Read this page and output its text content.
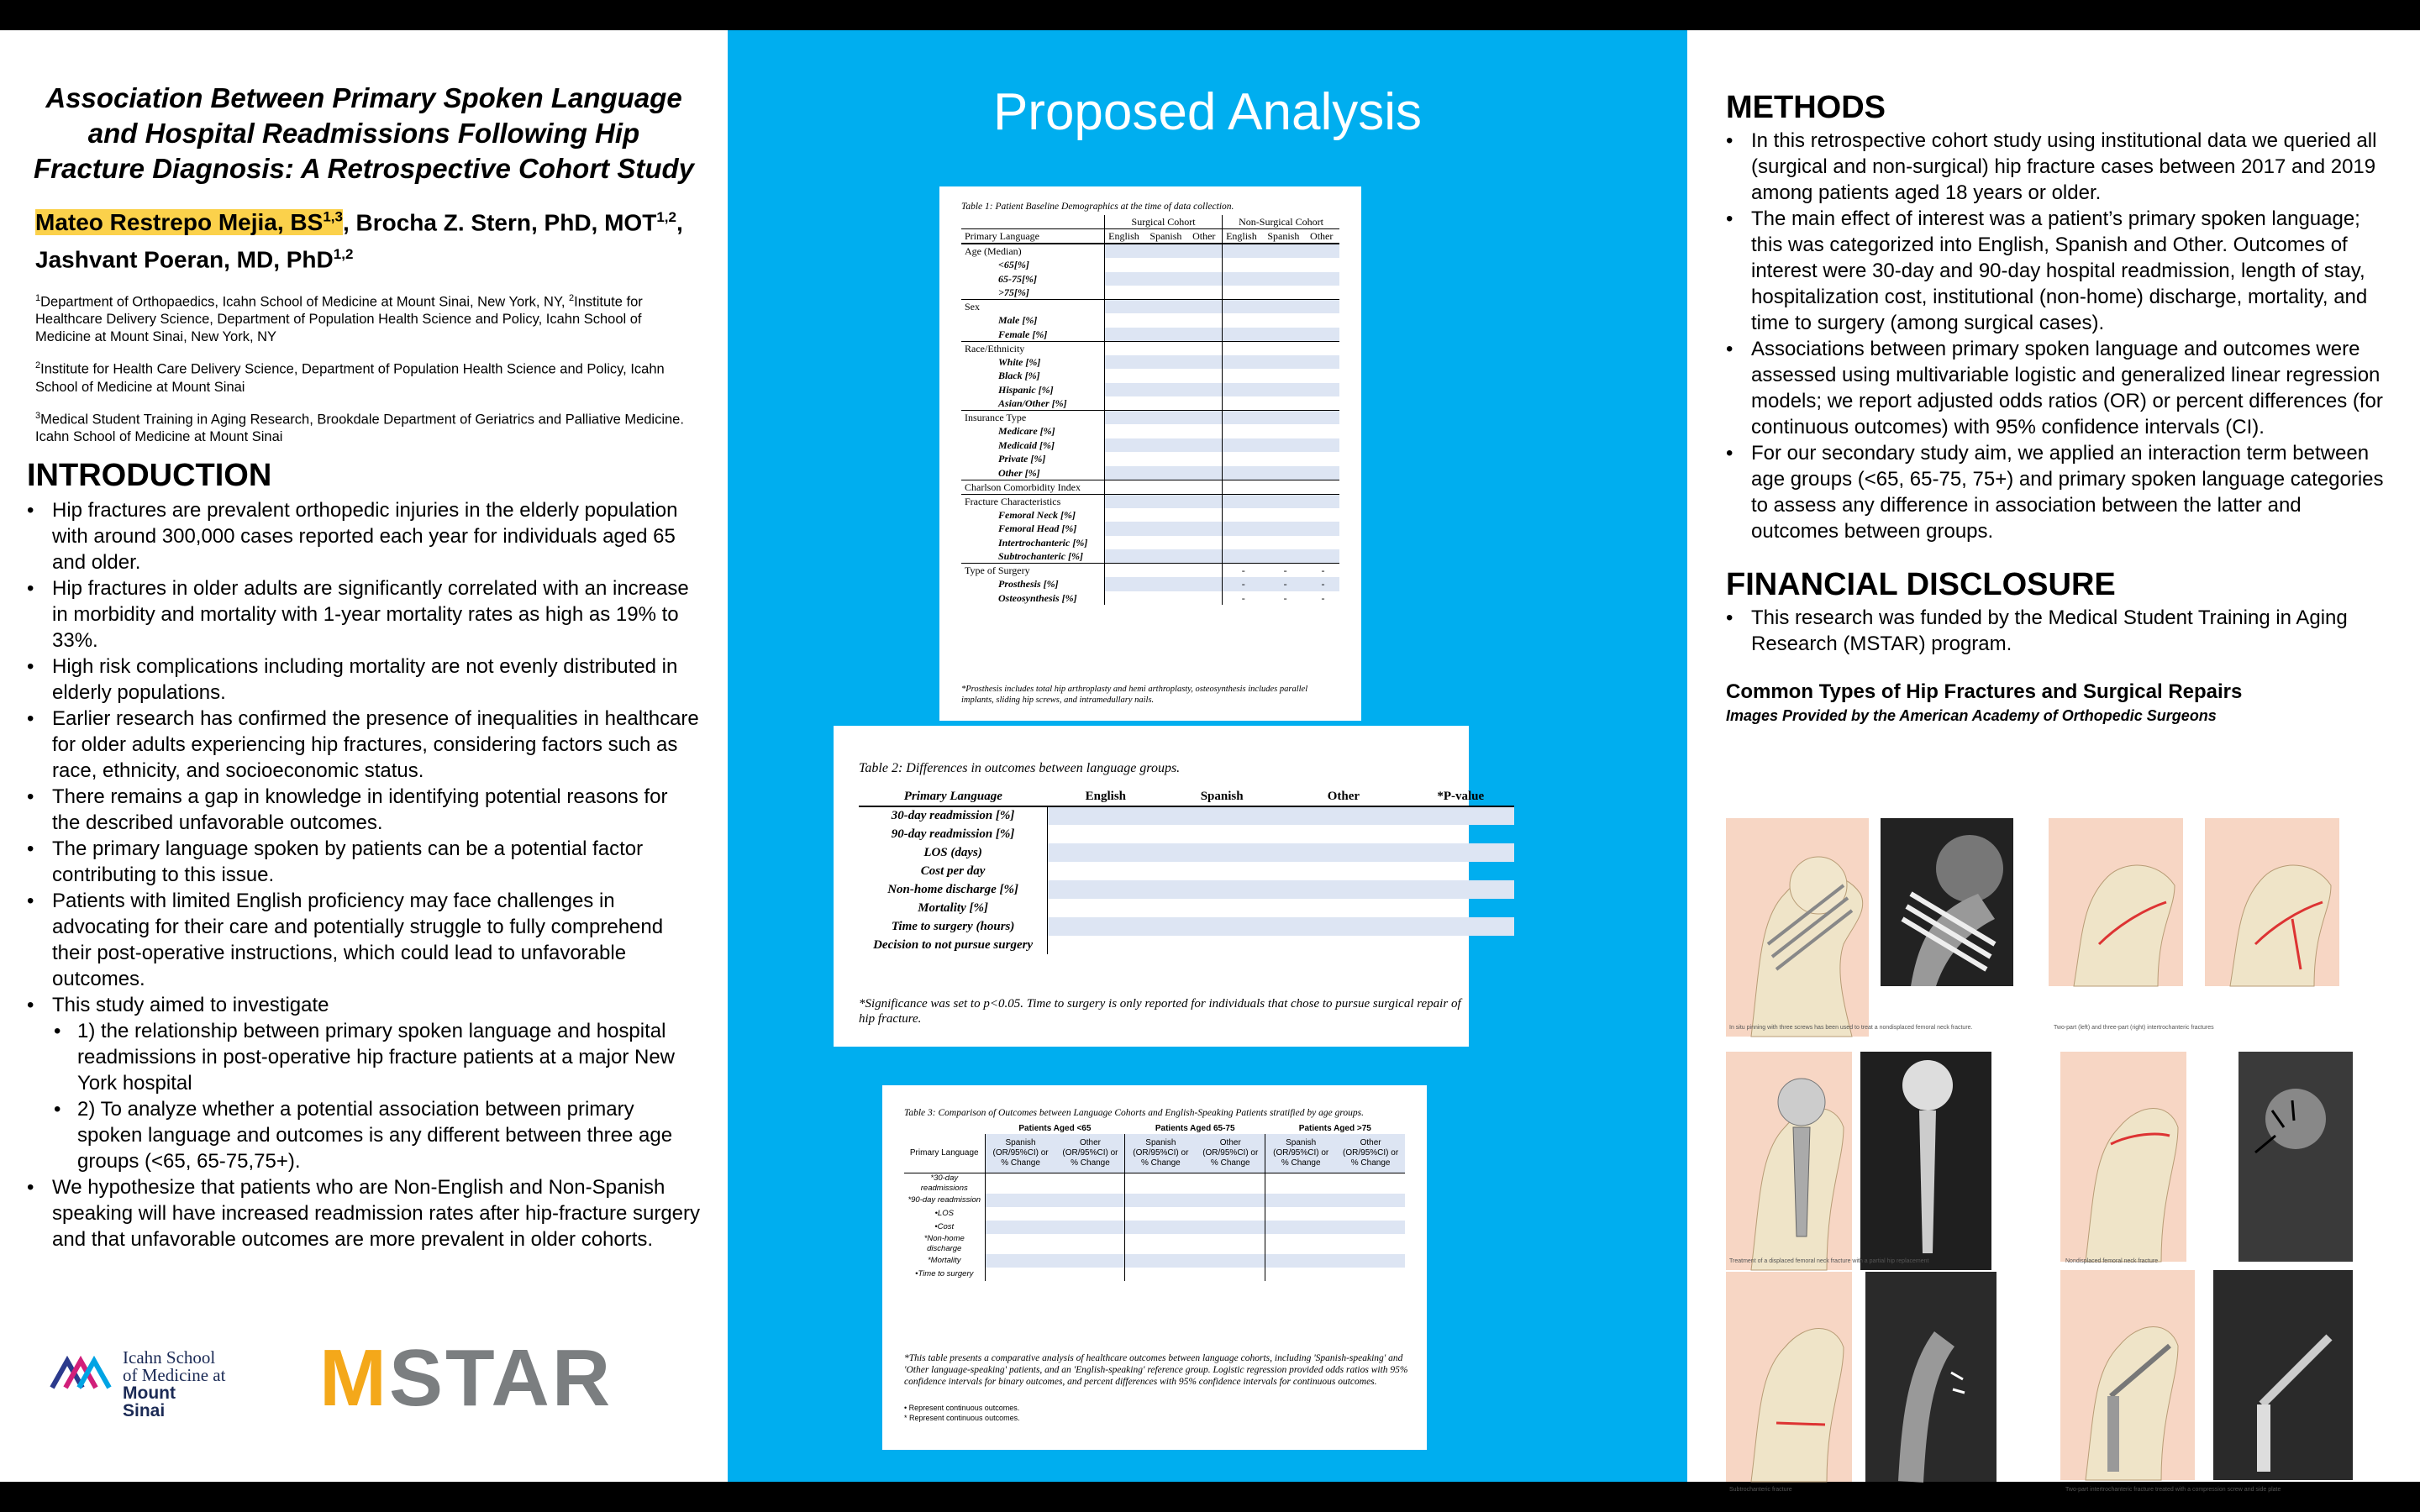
Association Between Primary Spoken Language and Hospital Readmissions Following Hip Fracture Diagnosis: A Retrospective Cohort Study

Mateo Restrepo Mejia, BS$^{1,3}$, Brocha Z. Stern, PhD, MOT$^{1,2}$, Jashvant Poeran, MD, PhD$^{1,2}$

$^1$Department of Orthopaedics, Icahn School of Medicine at Mount Sinai, New York, NY, $^2$Institute for Healthcare Delivery Science, Department of Population Health Science and Policy, Icahn School of Medicine at Mount Sinai, New York, NY

$^2$Institute for Health Care Delivery Science, Department of Population Health Science and Policy, Icahn School of Medicine at Mount Sinai

$^3$Medical Student Training in Aging Research, Brookdale Department of Geriatrics and Palliative Medicine. Icahn School of Medicine at Mount Sinai

INTRODUCTION
• Hip fractures are prevalent orthopedic injuries in the elderly population with around 300,000 cases reported each year for individuals aged 65 and older.
• Hip fractures in older adults are significantly correlated with an increase in morbidity and mortality with 1-year mortality rates as high as 19% to 33%.
• High risk complications including mortality are not evenly distributed in elderly populations.
• Earlier research has confirmed the presence of inequalities in healthcare for older adults experiencing hip fractures, considering factors such as race, ethnicity, and socioeconomic status.
• There remains a gap in knowledge in identifying potential reasons for the described unfavorable outcomes.
• The primary language spoken by patients can be a potential factor contributing to this issue.
• Patients with limited English proficiency may face challenges in advocating for their care and potentially struggle to fully comprehend their post-operative instructions, which could lead to unfavorable outcomes.
• This study aimed to investigate
• 1) the relationship between primary spoken language and hospital readmissions in post-operative hip fracture patients at a major New York hospital
• 2) To analyze whether a potential association between primary spoken language and outcomes is any different between three age groups (<65, 65-75,75+).
• We hypothesize that patients who are Non-English and Non-Spanish speaking will have increased readmission rates after hip-fracture surgery and that unfavorable outcomes are more prevalent in older cohorts.
Icahn School
of Medicine at
Mount
Sinai	MSTAR
Proposed Analysis
Table 1: Patient Baseline Demographics at the time of data collection.
	Surgical Cohort			Non-Surgical Cohort		
Primary Language	English	Spanish	Other	English	Spanish	Other
Age (Median)						
<65[%]						
65-75[%]						
>75[%]						
Sex						
Male [%]						
Female [%]						
Race/Ethnicity						
White [%]						
Black [%]						
Hispanic [%]						
Asian/Other [%]						
Insurance Type						
Medicare [%]						
Medicaid [%]						
Private [%]						
Other [%]						
Charlson Comorbidity Index						
Fracture Characteristics						
Femoral Neck [%]						
Femoral Head [%]						
Intertrochanteric [%]						
Subtrochanteric [%]						
Type of Surgery				-	-	-
Prosthesis [%]				-	-	-
Osteosynthesis [%]				-	-	-
*Prosthesis includes total hip arthroplasty and hemi arthroplasty, osteosynthesis includes parallel implants, sliding hip screws, and intramedullary nails.
Table 2: Differences in outcomes between language groups.
Primary Language	English	Spanish	Other	*P-value
30-day readmission [%]				
90-day readmission [%]				
LOS (days)				
Cost per day				
Non-home discharge [%]				
Mortality [%]				
Time to surgery (hours)				
Decision to not pursue surgery				
*Significance was set to p<0.05. Time to surgery is only reported for individuals that chose to pursue surgical repair of hip fracture.
Table 3: Comparison of Outcomes between Language Cohorts and English-Speaking Patients stratified by age groups.
	Patients Aged <65		Patients Aged 65-75		Patients Aged >75	
Primary Language	Spanish (OR/95%CI) or % Change	Other (OR/95%CI) or % Change	Spanish (OR/95%CI) or % Change	Other (OR/95%CI) or % Change	Spanish (OR/95%CI) or % Change	Other (OR/95%CI) or % Change
*30-day readmissions						
*90-day readmission						
•LOS						
•Cost						
*Non-home discharge						
*Mortality						
•Time to surgery						
*This table presents a comparative analysis of healthcare outcomes between language cohorts, including 'Spanish-speaking' and 'Other language-speaking' patients, and an 'English-speaking' reference group. Logistic regression provided odds ratios with 95% confidence intervals for binary outcomes, and percent differences with 95% confidence intervals for continuous outcomes.
• Represent continuous outcomes.
* Represent continuous outcomes.
METHODS
• In this retrospective cohort study using institutional data we queried all (surgical and non-surgical) hip fracture cases between 2017 and 2019 among patients aged 18 years or older.
• The main effect of interest was a patient’s primary spoken language; this was categorized into English, Spanish and Other. Outcomes of interest were 30-day and 90-day hospital readmission, length of stay, hospitalization cost, institutional (non-home) discharge, mortality, and time to surgery (among surgical cases).
• Associations between primary spoken language and outcomes were assessed using multivariable logistic and generalized linear regression models; we report adjusted odds ratios (OR) or percent differences (for continuous outcomes) with 95% confidence intervals (CI).
• For our secondary study aim, we applied an interaction term between age groups (<65, 65-75, 75+) and primary spoken language categories to assess any difference in association between the latter and outcomes between groups.
FINANCIAL DISCLOSURE
• This research was funded by the Medical Student Training in Aging Research (MSTAR) program.
Common Types of Hip Fractures and Surgical Repairs
Images Provided by the American Academy of Orthopedic Surgeons
In situ pinning with three screws has been used to treat a nondisplaced femoral neck fracture.	Two-part (left) and three-part (right) intertrochanteric fractures
Treatment of a displaced femoral neck fracture with a partial hip replacement	Nondisplaced femoral neck fracture
Subtrochanteric fracture	Two-part intertrochanteric fracture treated with a compression screw and side plate
